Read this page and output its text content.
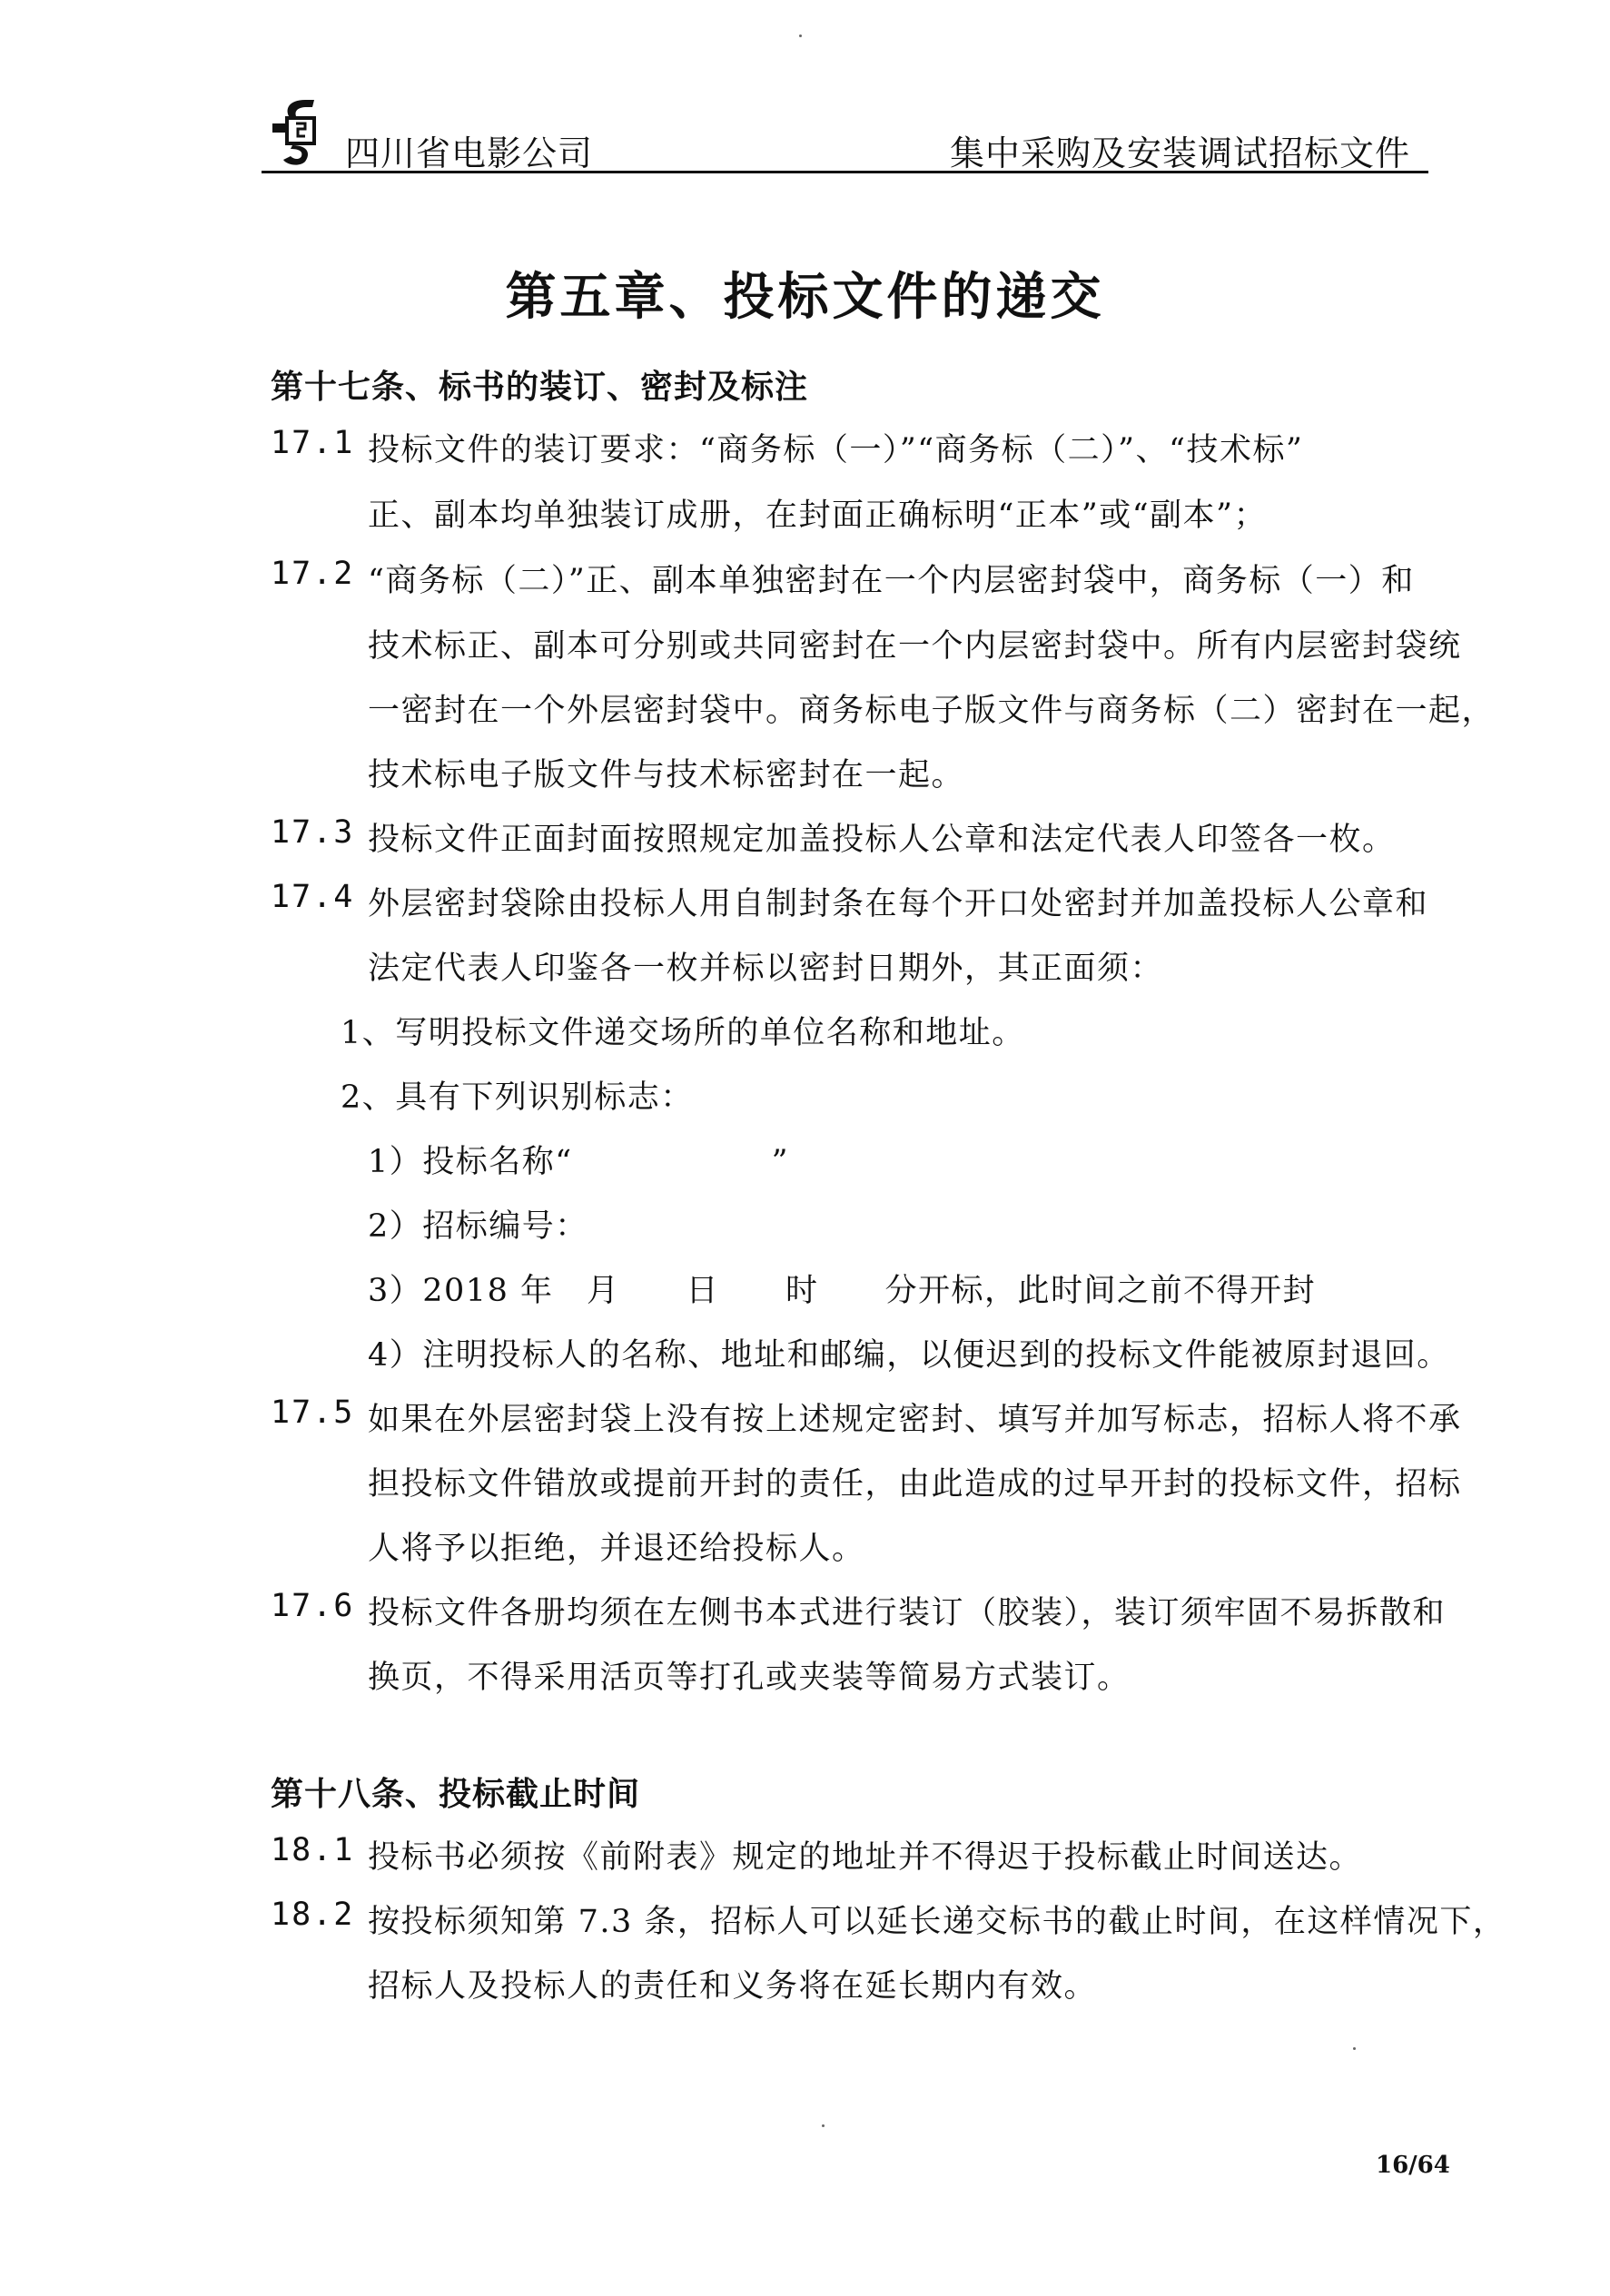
四川省电影公司	集中采购及安装调试招标文件
第五章、投标文件的递交
第十七条、标书的装订、密封及标注
17.1 投标文件的装订要求：“商务标（一）”“商务标（二）”、“技术标”
正、副本均单独装订成册，在封面正确标明“正本”或“副本”；
17.2 “商务标（二）”正、副本单独密封在一个内层密封袋中，商务标（一）和
技术标正、副本可分别或共同密封在一个内层密封袋中。所有内层密封袋统
一密封在一个外层密封袋中。商务标电子版文件与商务标（二）密封在一起，
技术标电子版文件与技术标密封在一起。
17.3 投标文件正面封面按照规定加盖投标人公章和法定代表人印签各一枚。
17.4 外层密封袋除由投标人用自制封条在每个开口处密封并加盖投标人公章和
法定代表人印鉴各一枚并标以密封日期外，其正面须：
1、写明投标文件递交场所的单位名称和地址。
2、具有下列识别标志：
1）投标名称“　　　　　　”
2）招标编号：
3）2018 年　月　　日　　时　　分开标，此时间之前不得开封
4）注明投标人的名称、地址和邮编，以便迟到的投标文件能被原封退回。
17.5 如果在外层密封袋上没有按上述规定密封、填写并加写标志，招标人将不承
担投标文件错放或提前开封的责任，由此造成的过早开封的投标文件，招标
人将予以拒绝，并退还给投标人。
17.6 投标文件各册均须在左侧书本式进行装订（胶装），装订须牢固不易拆散和
换页，不得采用活页等打孔或夹装等简易方式装订。
第十八条、投标截止时间
18.1 投标书必须按《前附表》规定的地址并不得迟于投标截止时间送达。
18.2 按投标须知第 7.3 条，招标人可以延长递交标书的截止时间，在这样情况下，
招标人及投标人的责任和义务将在延长期内有效。
16/64
